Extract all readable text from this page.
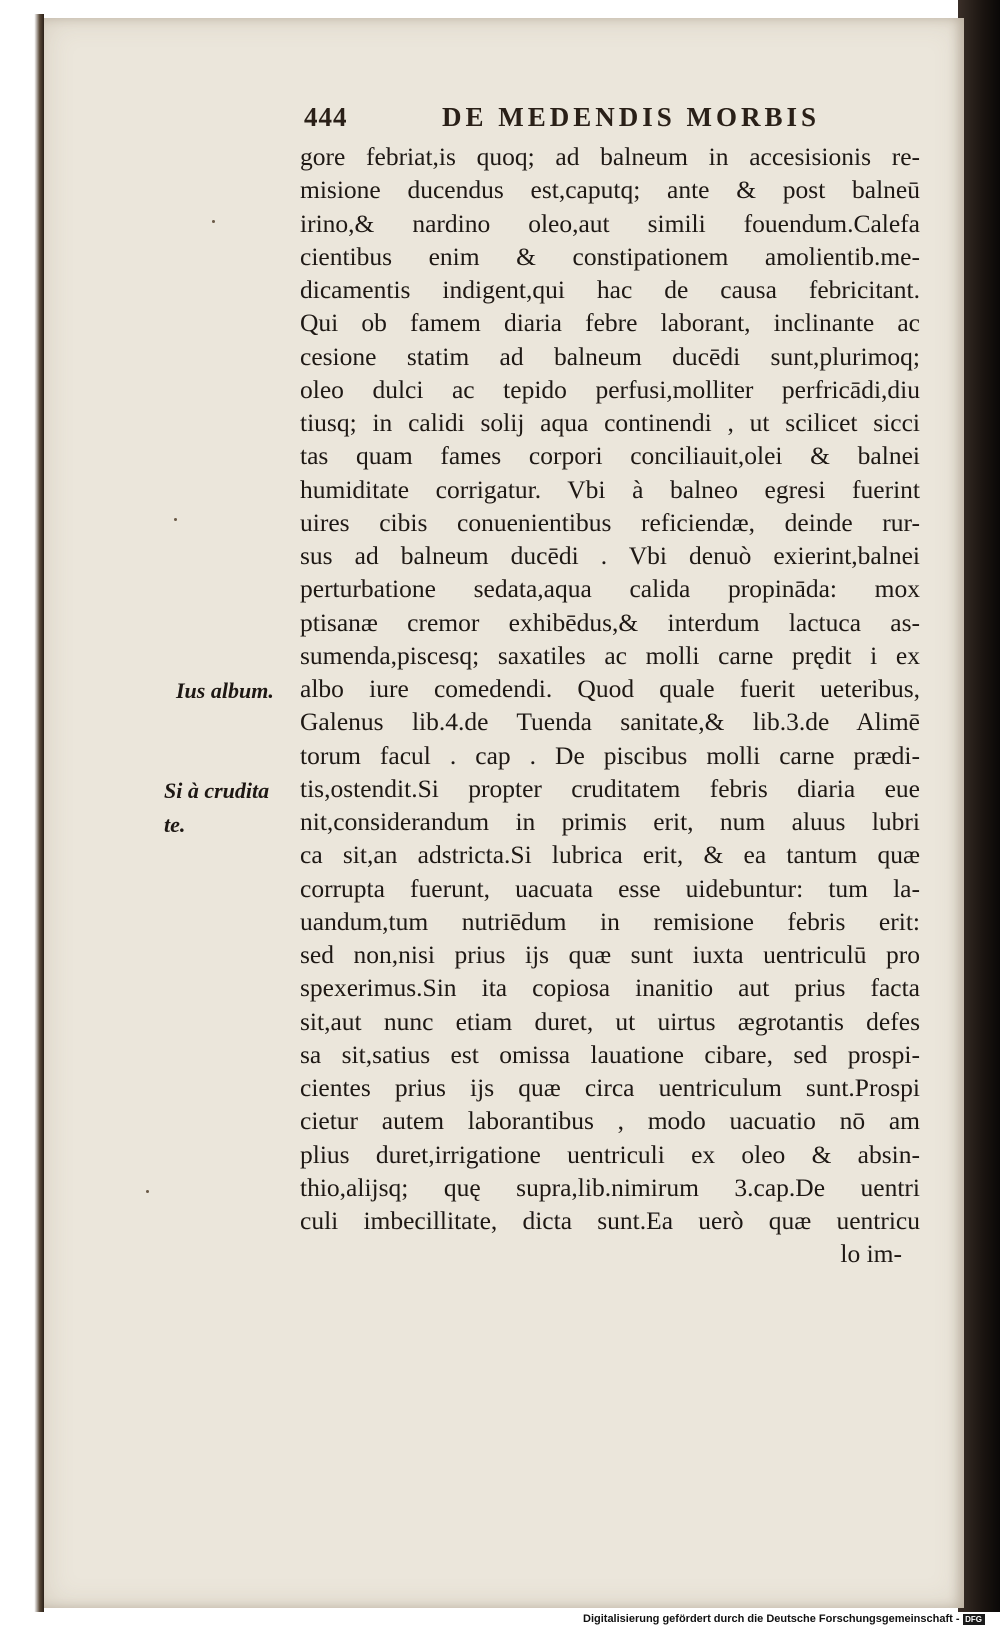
444	DE MEDENDIS MORBIS
Ius album.
Si à crudita
te.
gore febriat,is quoq; ad balneum in accesisionis re-
misione ducendus est,caputq; ante & post balneū
irino,& nardino oleo,aut simili fouendum.Calefa
cientibus enim & constipationem amolientib.me-
dicamentis indigent,qui hac de causa febricitant.
Qui ob famem diaria febre laborant, inclinante ac
cesione statim ad balneum ducēdi sunt,plurimoq;
oleo dulci ac tepido perfusi,molliter perfricādi,diu
tiusq; in calidi solij aqua continendi , ut scilicet sicci
tas quam fames corpori conciliauit,olei & balnei
humiditate corrigatur. Vbi à balneo egresi fuerint
uires cibis conuenientibus reficiendæ, deinde rur-
sus ad balneum ducēdi . Vbi denuò exierint,balnei
perturbatione sedata,aqua calida propināda: mox
ptisanæ cremor exhibēdus,& interdum lactuca as-
sumenda,piscesq; saxatiles ac molli carne prędit i ex
albo iure comedendi. Quod quale fuerit ueteribus,
Galenus lib.4.de Tuenda sanitate,& lib.3.de Alimē
torum facul . cap . De piscibus molli carne prædi-
tis,ostendit.Si propter cruditatem febris diaria eue
nit,considerandum in primis erit, num aluus lubri
ca sit,an adstricta.Si lubrica erit, & ea tantum quæ
corrupta fuerunt, uacuata esse uidebuntur: tum la-
uandum,tum nutriēdum in remisione febris erit:
sed non,nisi prius ijs quæ sunt iuxta uentriculū pro
spexerimus.Sin ita copiosa inanitio aut prius facta
sit,aut nunc etiam duret, ut uirtus ægrotantis defes
sa sit,satius est omissa lauatione cibare, sed prospi-
cientes prius ijs quæ circa uentriculum sunt.Prospi
cietur autem laborantibus , modo uacuatio nō am
plius duret,irrigatione uentriculi ex oleo & absin-
thio,alijsq; quę supra,lib.nimirum 3.cap.De uentri
culi imbecillitate, dicta sunt.Ea uerò quæ uentricu
lo im-
Digitalisierung gefördert durch die Deutsche Forschungsgemeinschaft - DFG
